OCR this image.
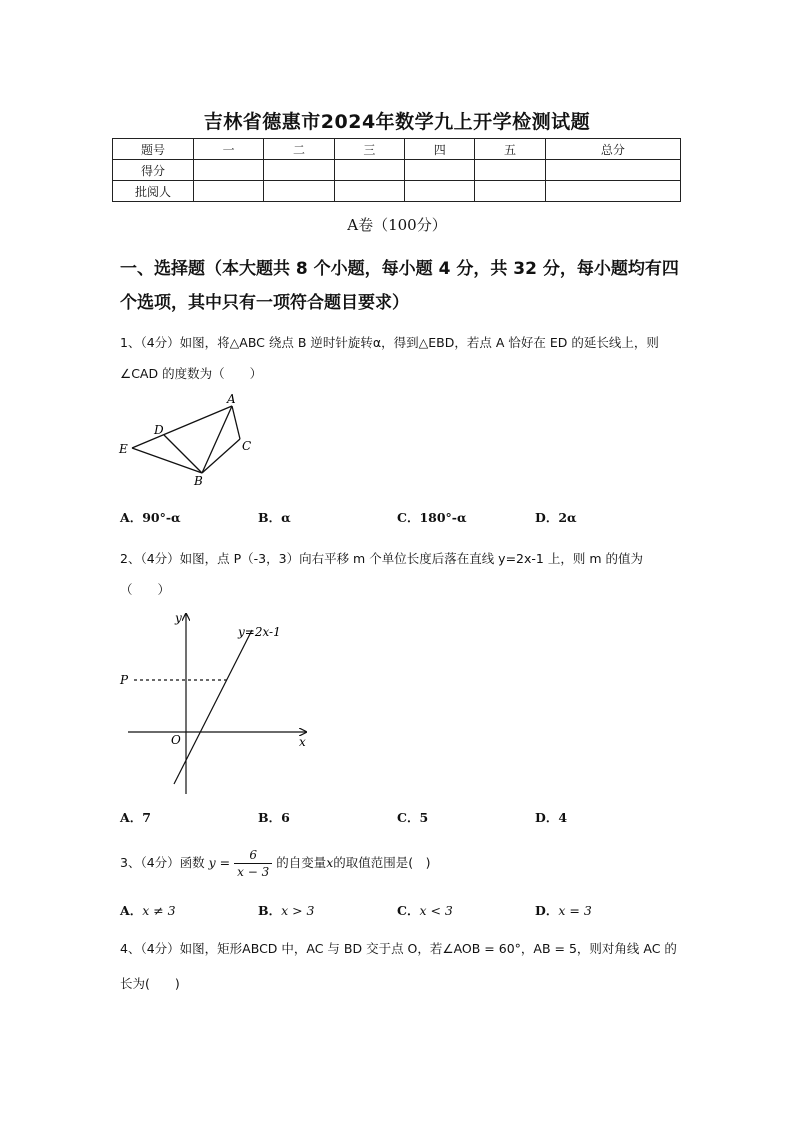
吉林省德惠市2024年数学九上开学检测试题
题号	一	二	三	四	五	总分
得分						
批阅人						
A卷（100分）
一、选择题（本大题共 8 个小题，每小题 4 分，共 32 分，每小题均有四个选项，其中只有一项符合题目要求）
1、（4分）如图，将△ABC 绕点 B 逆时针旋转α，得到△EBD，若点 A 恰好在 ED 的延长线上，则∠CAD 的度数为（　　）
A
B
C
D
E
A．90°-α	B．α	C．180°-α	D．2α
2、（4分）如图，点 P（-3，3）向右平移 m 个单位长度后落在直线 y=2x-1 上，则 m 的值为（　　）
y
x
O
P
y=2x-1
A．7	B．6	C．5	D．4
3、（4分）函数 $y = \frac{6}{x - 3}$ 的自变量x的取值范围是(　)
A．x ≠ 3	B．x > 3	C．x < 3	D．x = 3
4、（4分）如图，矩形ABCD 中，AC 与 BD 交于点 O，若∠AOB = 60°，AB = 5，则对角线 AC 的长为(　　)
